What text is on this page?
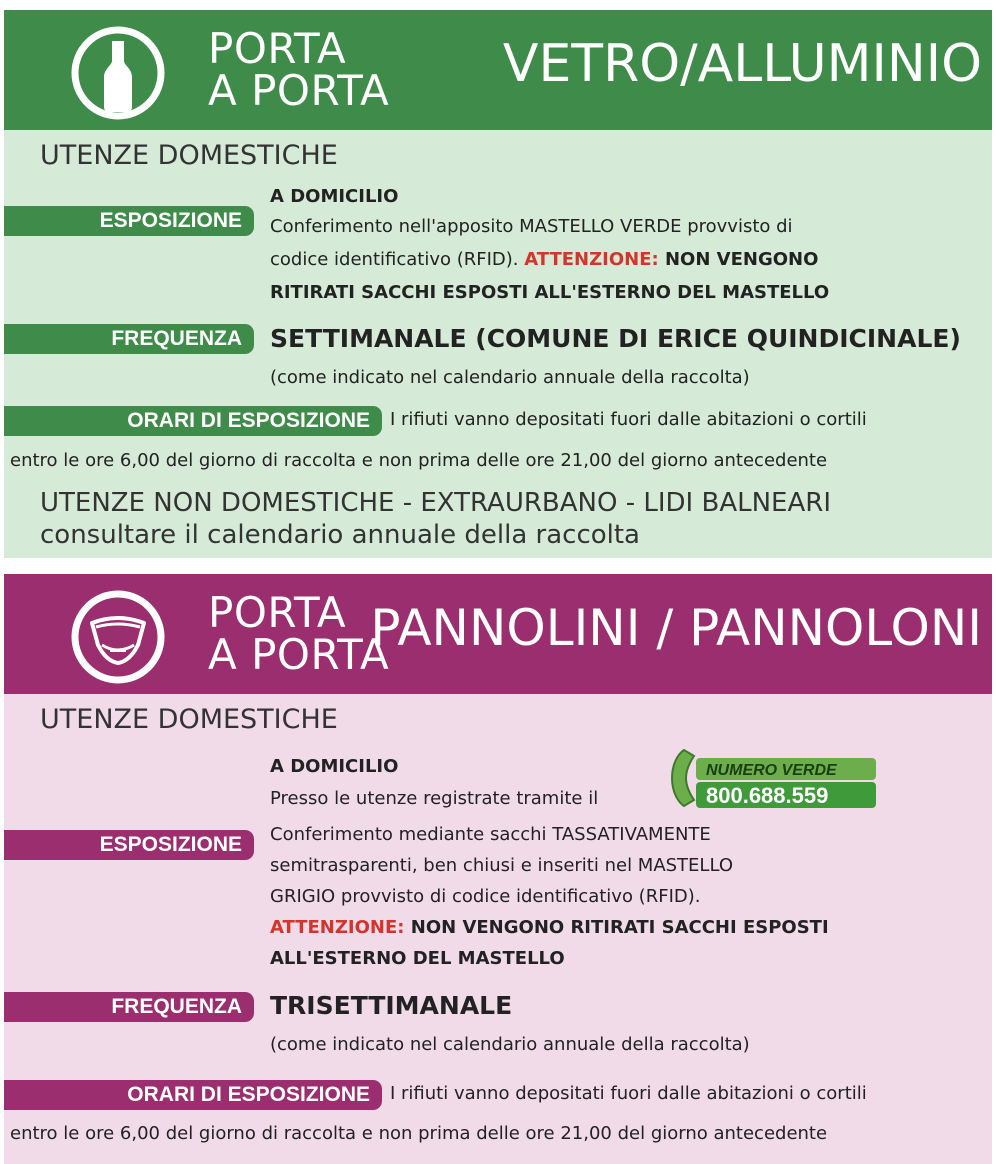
PORTA
A PORTA VETRO/ALLUMINIO
UTENZE DOMESTICHE
A DOMICILIO
ESPOSIZIONE	Conferimento nell'apposito MASTELLO VERDE provvisto di
codice identificativo (RFID). ATTENZIONE: NON VENGONO
RITIRATI SACCHI ESPOSTI ALL'ESTERNO DEL MASTELLO
FREQUENZA	SETTIMANALE (COMUNE DI ERICE QUINDICINALE)
(come indicato nel calendario annuale della raccolta)
ORARI DI ESPOSIZIONE	I rifiuti vanno depositati fuori dalle abitazioni o cortili
entro le ore 6,00 del giorno di raccolta e non prima delle ore 21,00 del giorno antecedente
UTENZE NON DOMESTICHE - EXTRAURBANO - LIDI BALNEARI
consultare il calendario annuale della raccolta
PORTA
A PORTA
PANNOLINI / PANNOLONI
UTENZE DOMESTICHE
A DOMICILIO
Presso le utenze registrate tramite il
NUMERO VERDE
800.688.559
ESPOSIZIONE	Conferimento mediante sacchi TASSATIVAMENTE
semitrasparenti, ben chiusi e inseriti nel MASTELLO
GRIGIO provvisto di codice identificativo (RFID).
ATTENZIONE: NON VENGONO RITIRATI SACCHI ESPOSTI
ALL'ESTERNO DEL MASTELLO
FREQUENZA	TRISETTIMANALE
(come indicato nel calendario annuale della raccolta)
ORARI DI ESPOSIZIONE	I rifiuti vanno depositati fuori dalle abitazioni o cortili
entro le ore 6,00 del giorno di raccolta e non prima delle ore 21,00 del giorno antecedente
